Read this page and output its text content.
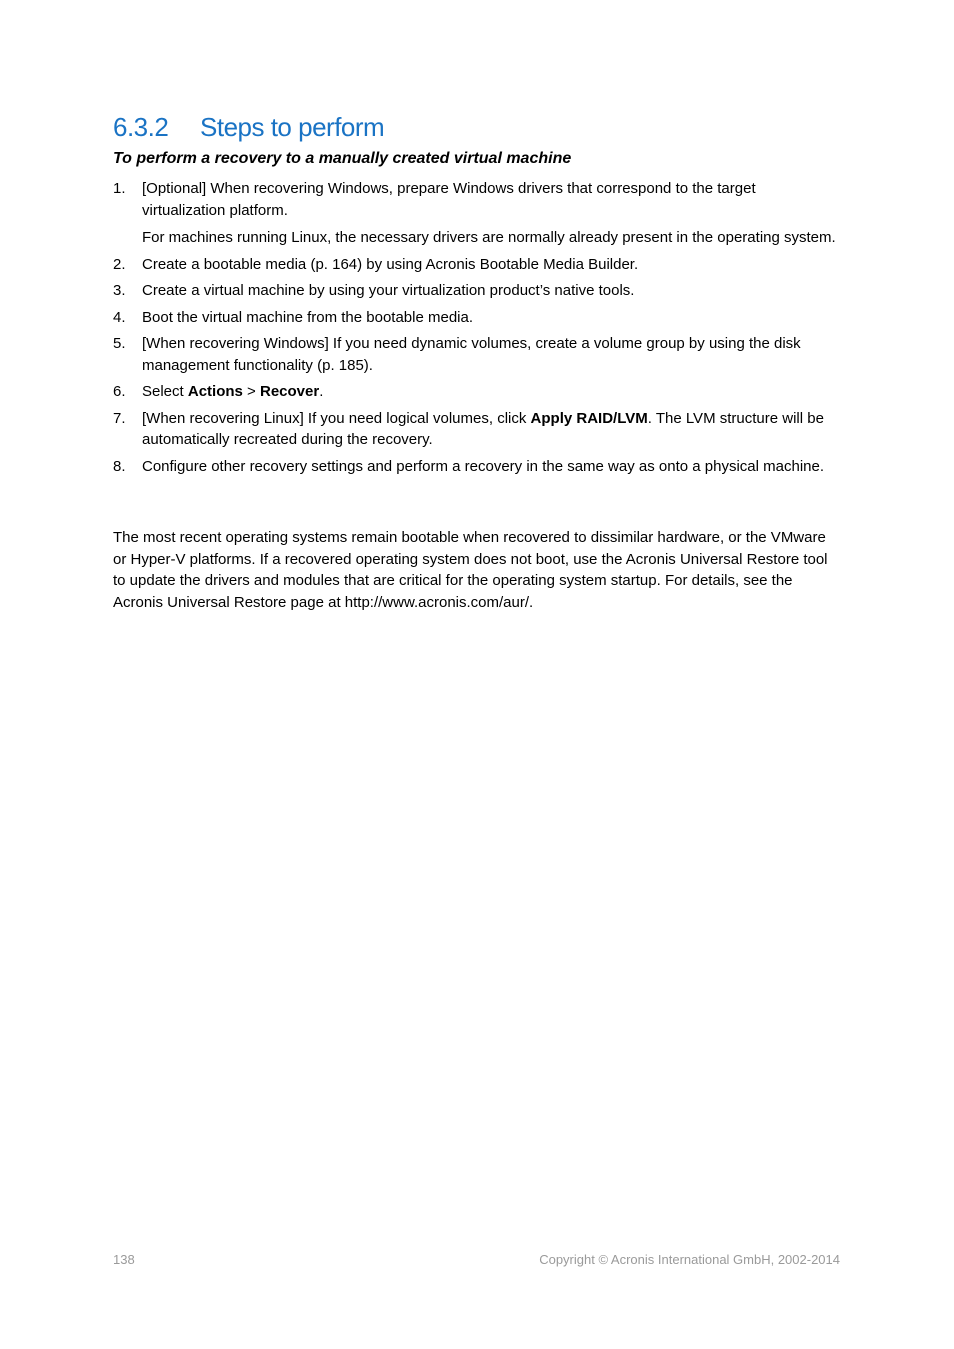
6.3.2 Steps to perform
To perform a recovery to a manually created virtual machine
1. [Optional] When recovering Windows, prepare Windows drivers that correspond to the target virtualization platform.
For machines running Linux, the necessary drivers are normally already present in the operating system.
2. Create a bootable media (p. 164) by using Acronis Bootable Media Builder.
3. Create a virtual machine by using your virtualization product’s native tools.
4. Boot the virtual machine from the bootable media.
5. [When recovering Windows] If you need dynamic volumes, create a volume group by using the disk management functionality (p. 185).
6. Select Actions > Recover.
7. [When recovering Linux] If you need logical volumes, click Apply RAID/LVM. The LVM structure will be automatically recreated during the recovery.
8. Configure other recovery settings and perform a recovery in the same way as onto a physical machine.

The most recent operating systems remain bootable when recovered to dissimilar hardware, or the VMware or Hyper-V platforms. If a recovered operating system does not boot, use the Acronis Universal Restore tool to update the drivers and modules that are critical for the operating system startup. For details, see the Acronis Universal Restore page at http://www.acronis.com/aur/.

138	Copyright © Acronis International GmbH, 2002-2014
